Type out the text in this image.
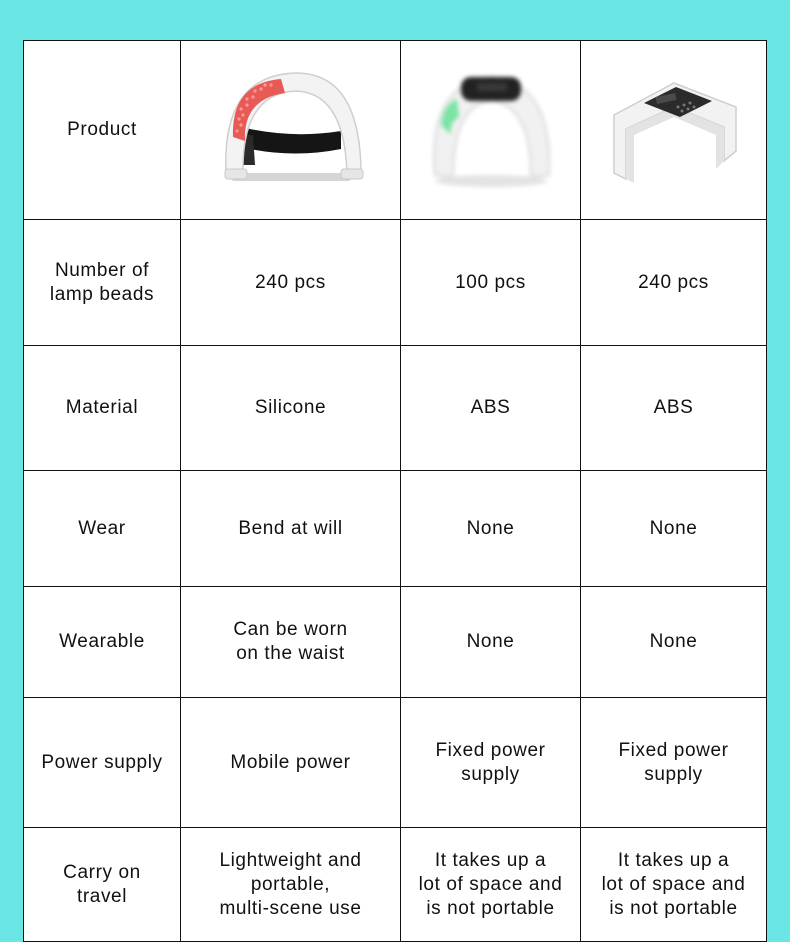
Product	

Number of
lamp beads	240 pcs	100 pcs	240 pcs
Material	Silicone	ABS	ABS
Wear	Bend at will	None	None
Wearable	Can be worn
on the waist	None	None
Power supply	Mobile power	Fixed power
supply	Fixed power
supply
Carry on
travel	Lightweight and
portable,
multi-scene use	It takes up a
lot of space and
is not portable	It takes up a
lot of space and
is not portable
